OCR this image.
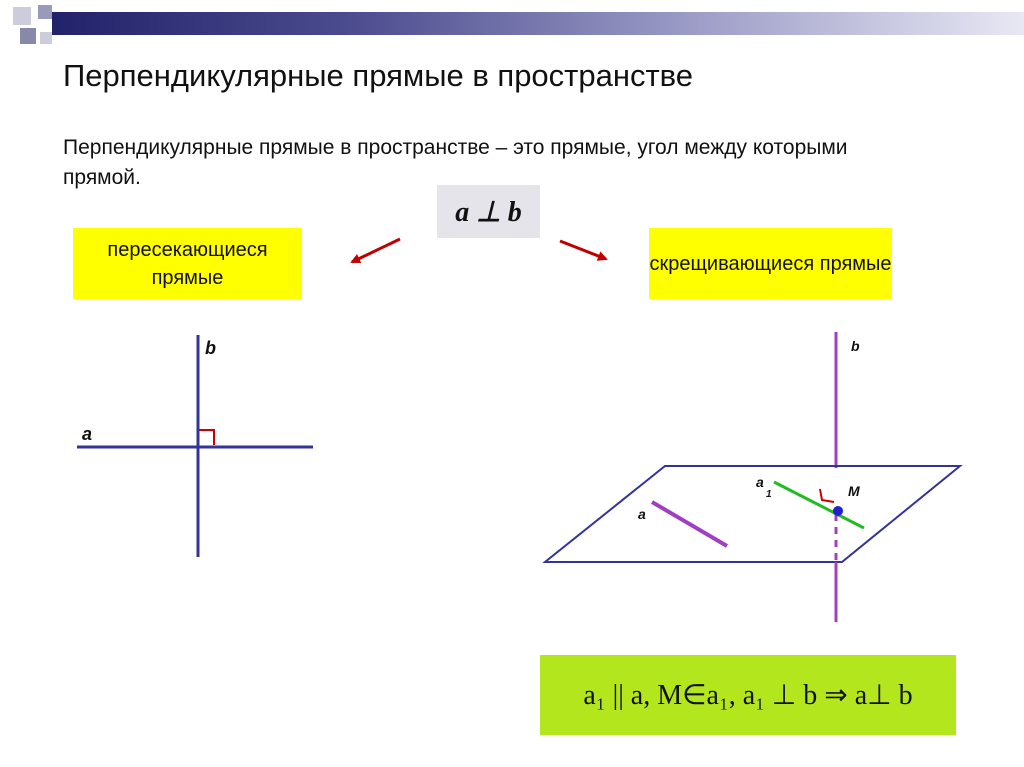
Перпендикулярные прямые в пространстве
Перпендикулярные прямые в пространстве – это прямые, угол между которыми прямой.
a ⊥ b
пересекающиеся прямые
скрещивающиеся прямые
b
a
b
M
a
1
a
a₁ || a, M∈a₁, a₁ ⊥ b ⇒ a⊥ b
